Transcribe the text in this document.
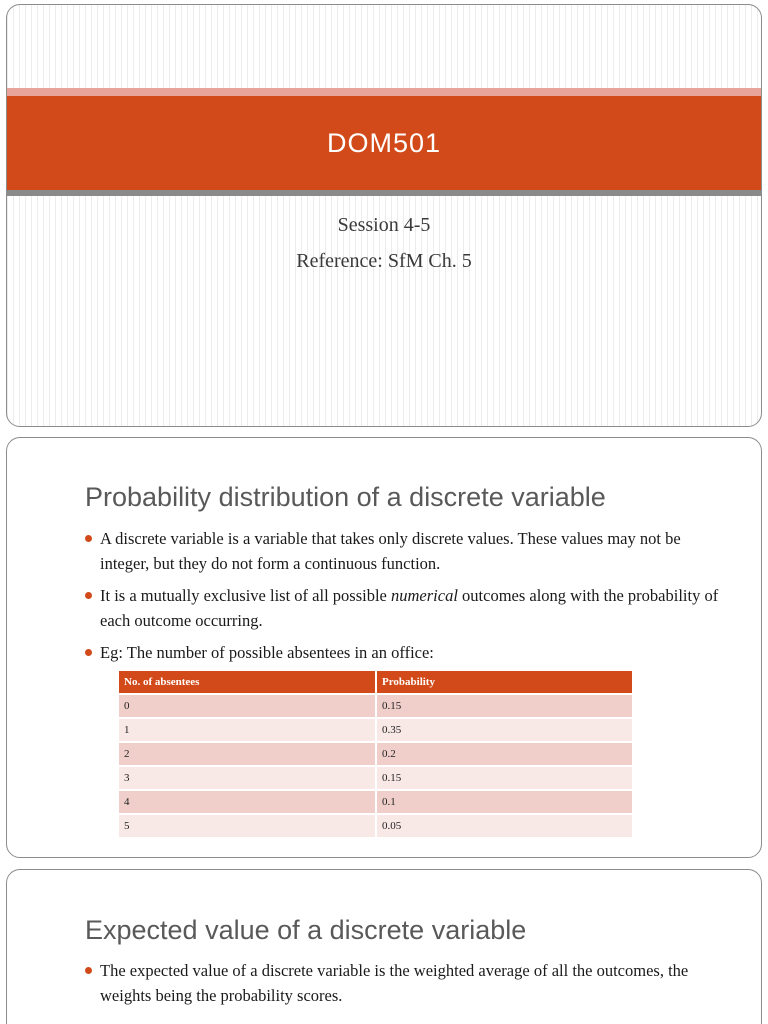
DOM501
Session 4-5
Reference: SfM Ch. 5
Probability distribution of a discrete variable
A discrete variable is a variable that takes only discrete values. These values may not be integer, but they do not form a continuous function.
It is a mutually exclusive list of all possible numerical outcomes along with the probability of each outcome occurring.
Eg: The number of possible absentees in an office:
No. of absentees	Probability
0	0.15
1	0.35
2	0.2
3	0.15
4	0.1
5	0.05
Expected value of a discrete variable
The expected value of a discrete variable is the weighted average of all the outcomes, the weights being the probability scores.
